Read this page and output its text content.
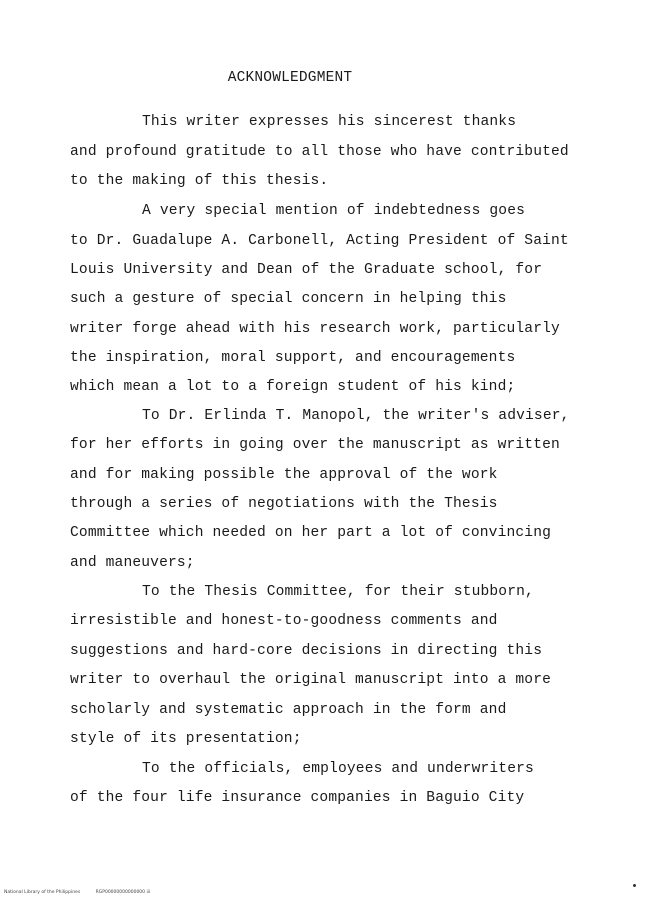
ACKNOWLEDGMENT
This writer expresses his sincerest thanks
and profound gratitude to all those who have contributed
to the making of this thesis.
A very special mention of indebtedness goes
to Dr. Guadalupe A. Carbonell, Acting President of Saint
Louis University and Dean of the Graduate school, for
such a gesture of special concern in helping this
writer forge ahead with his research work, particularly
the inspiration, moral support, and encouragements
which mean a lot to a foreign student of his kind;
To Dr. Erlinda T. Manopol, the writer's adviser,
for her efforts in going over the manuscript as written
and for making possible the approval of the work
through a series of negotiations with the Thesis
Committee which needed on her part a lot of convincing
and maneuvers;
To the Thesis Committee, for their stubborn,
irresistible and honest-to-goodness comments and
suggestions and hard-core decisions in directing this
writer to overhaul the original manuscript into a more
scholarly and systematic approach in the form and
style of its presentation;
To the officials, employees and underwriters
of the four life insurance companies in Baguio City
National Library of the Philippines	RGP00000000000000 iii
